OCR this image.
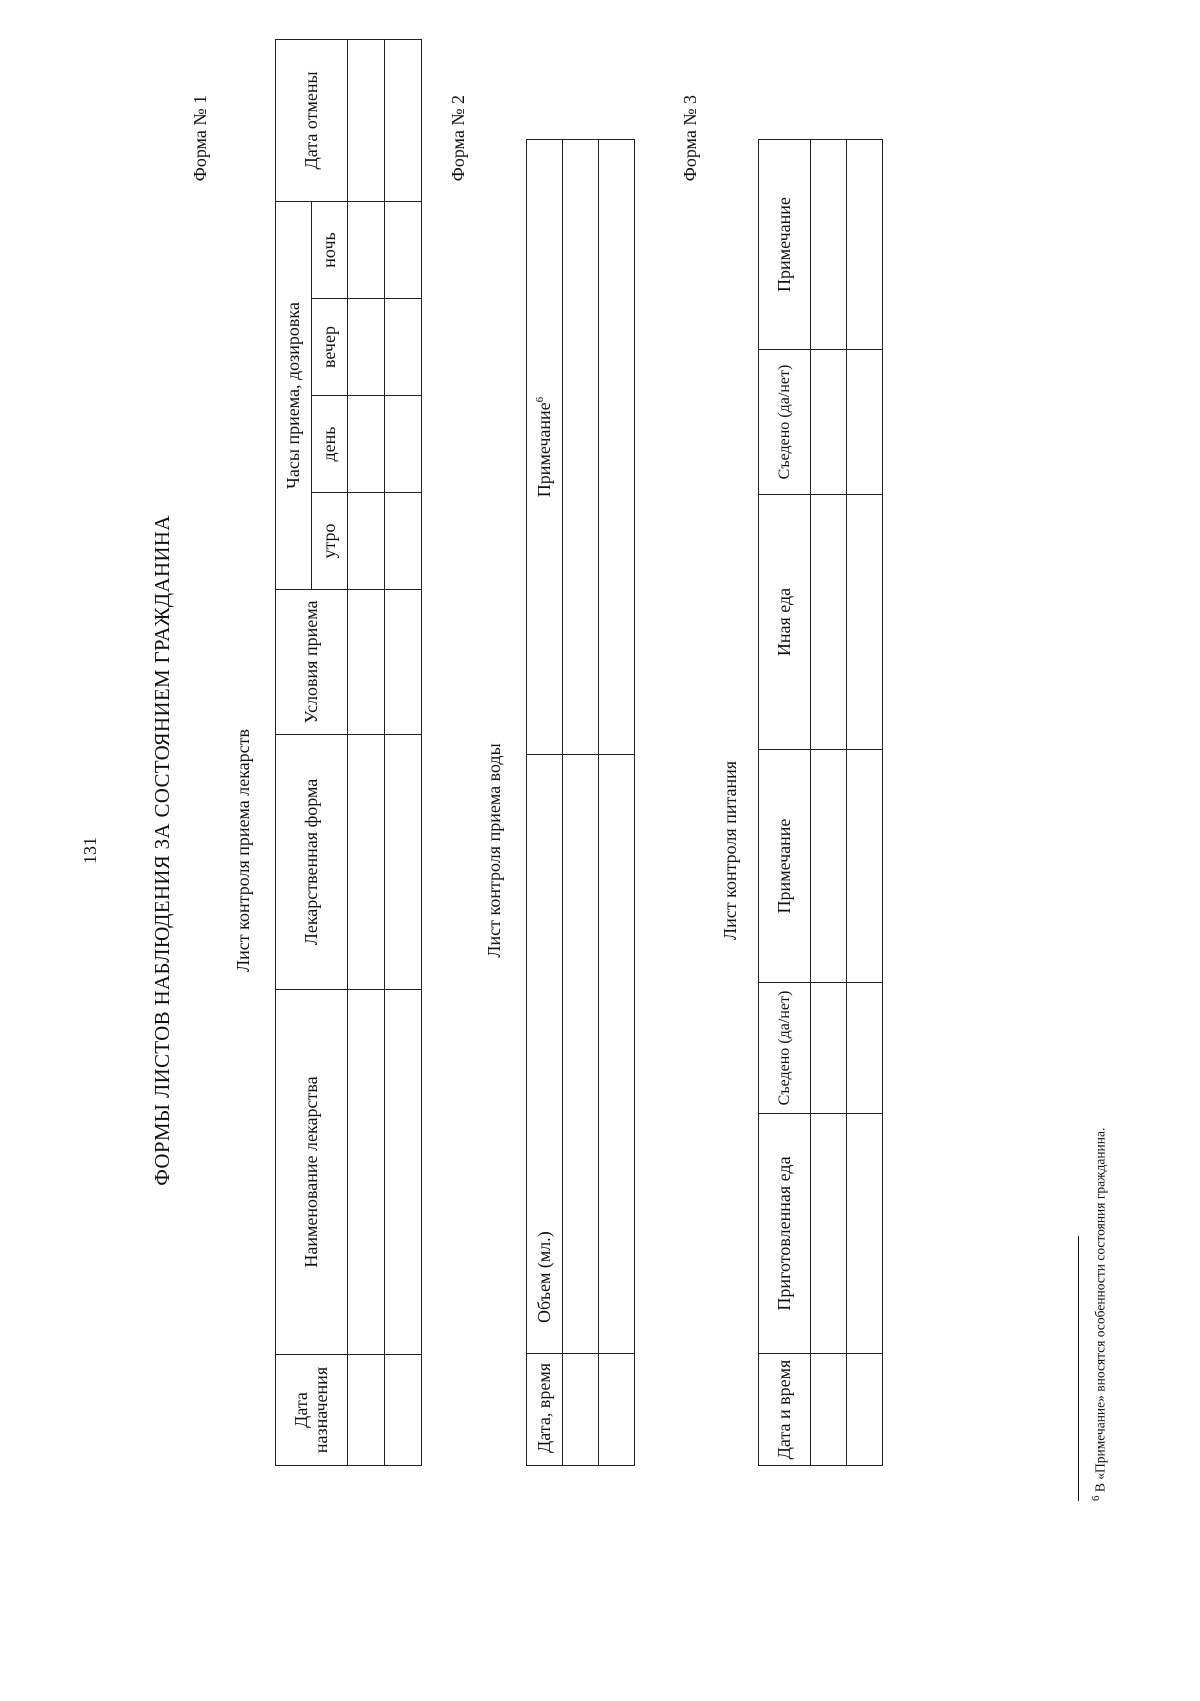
131 ФОРМЫ ЛИСТОВ НАБЛЮДЕНИЯ ЗА СОСТОЯНИЕМ ГРАЖДАНИНА
Форма № 1
Лист контроля приема лекарств
Дата назначения	Наименование лекарства	Лекарственная форма	Условия приема	Часы приема, дозировка				Дата отмены
				утро	день	вечер	ночь	

Форма № 2
Лист контроля приема воды
Дата, время	Объем (мл.)	Примечание$^6$

Форма № 3
Лист контроля питания
Дата и время	Приготовленная еда	Съедено (да/нет)	Примечание	Иная еда	Съедено (да/нет)	Примечание

$^6$ В «Примечание» вносятся особенности состояния гражданина.
